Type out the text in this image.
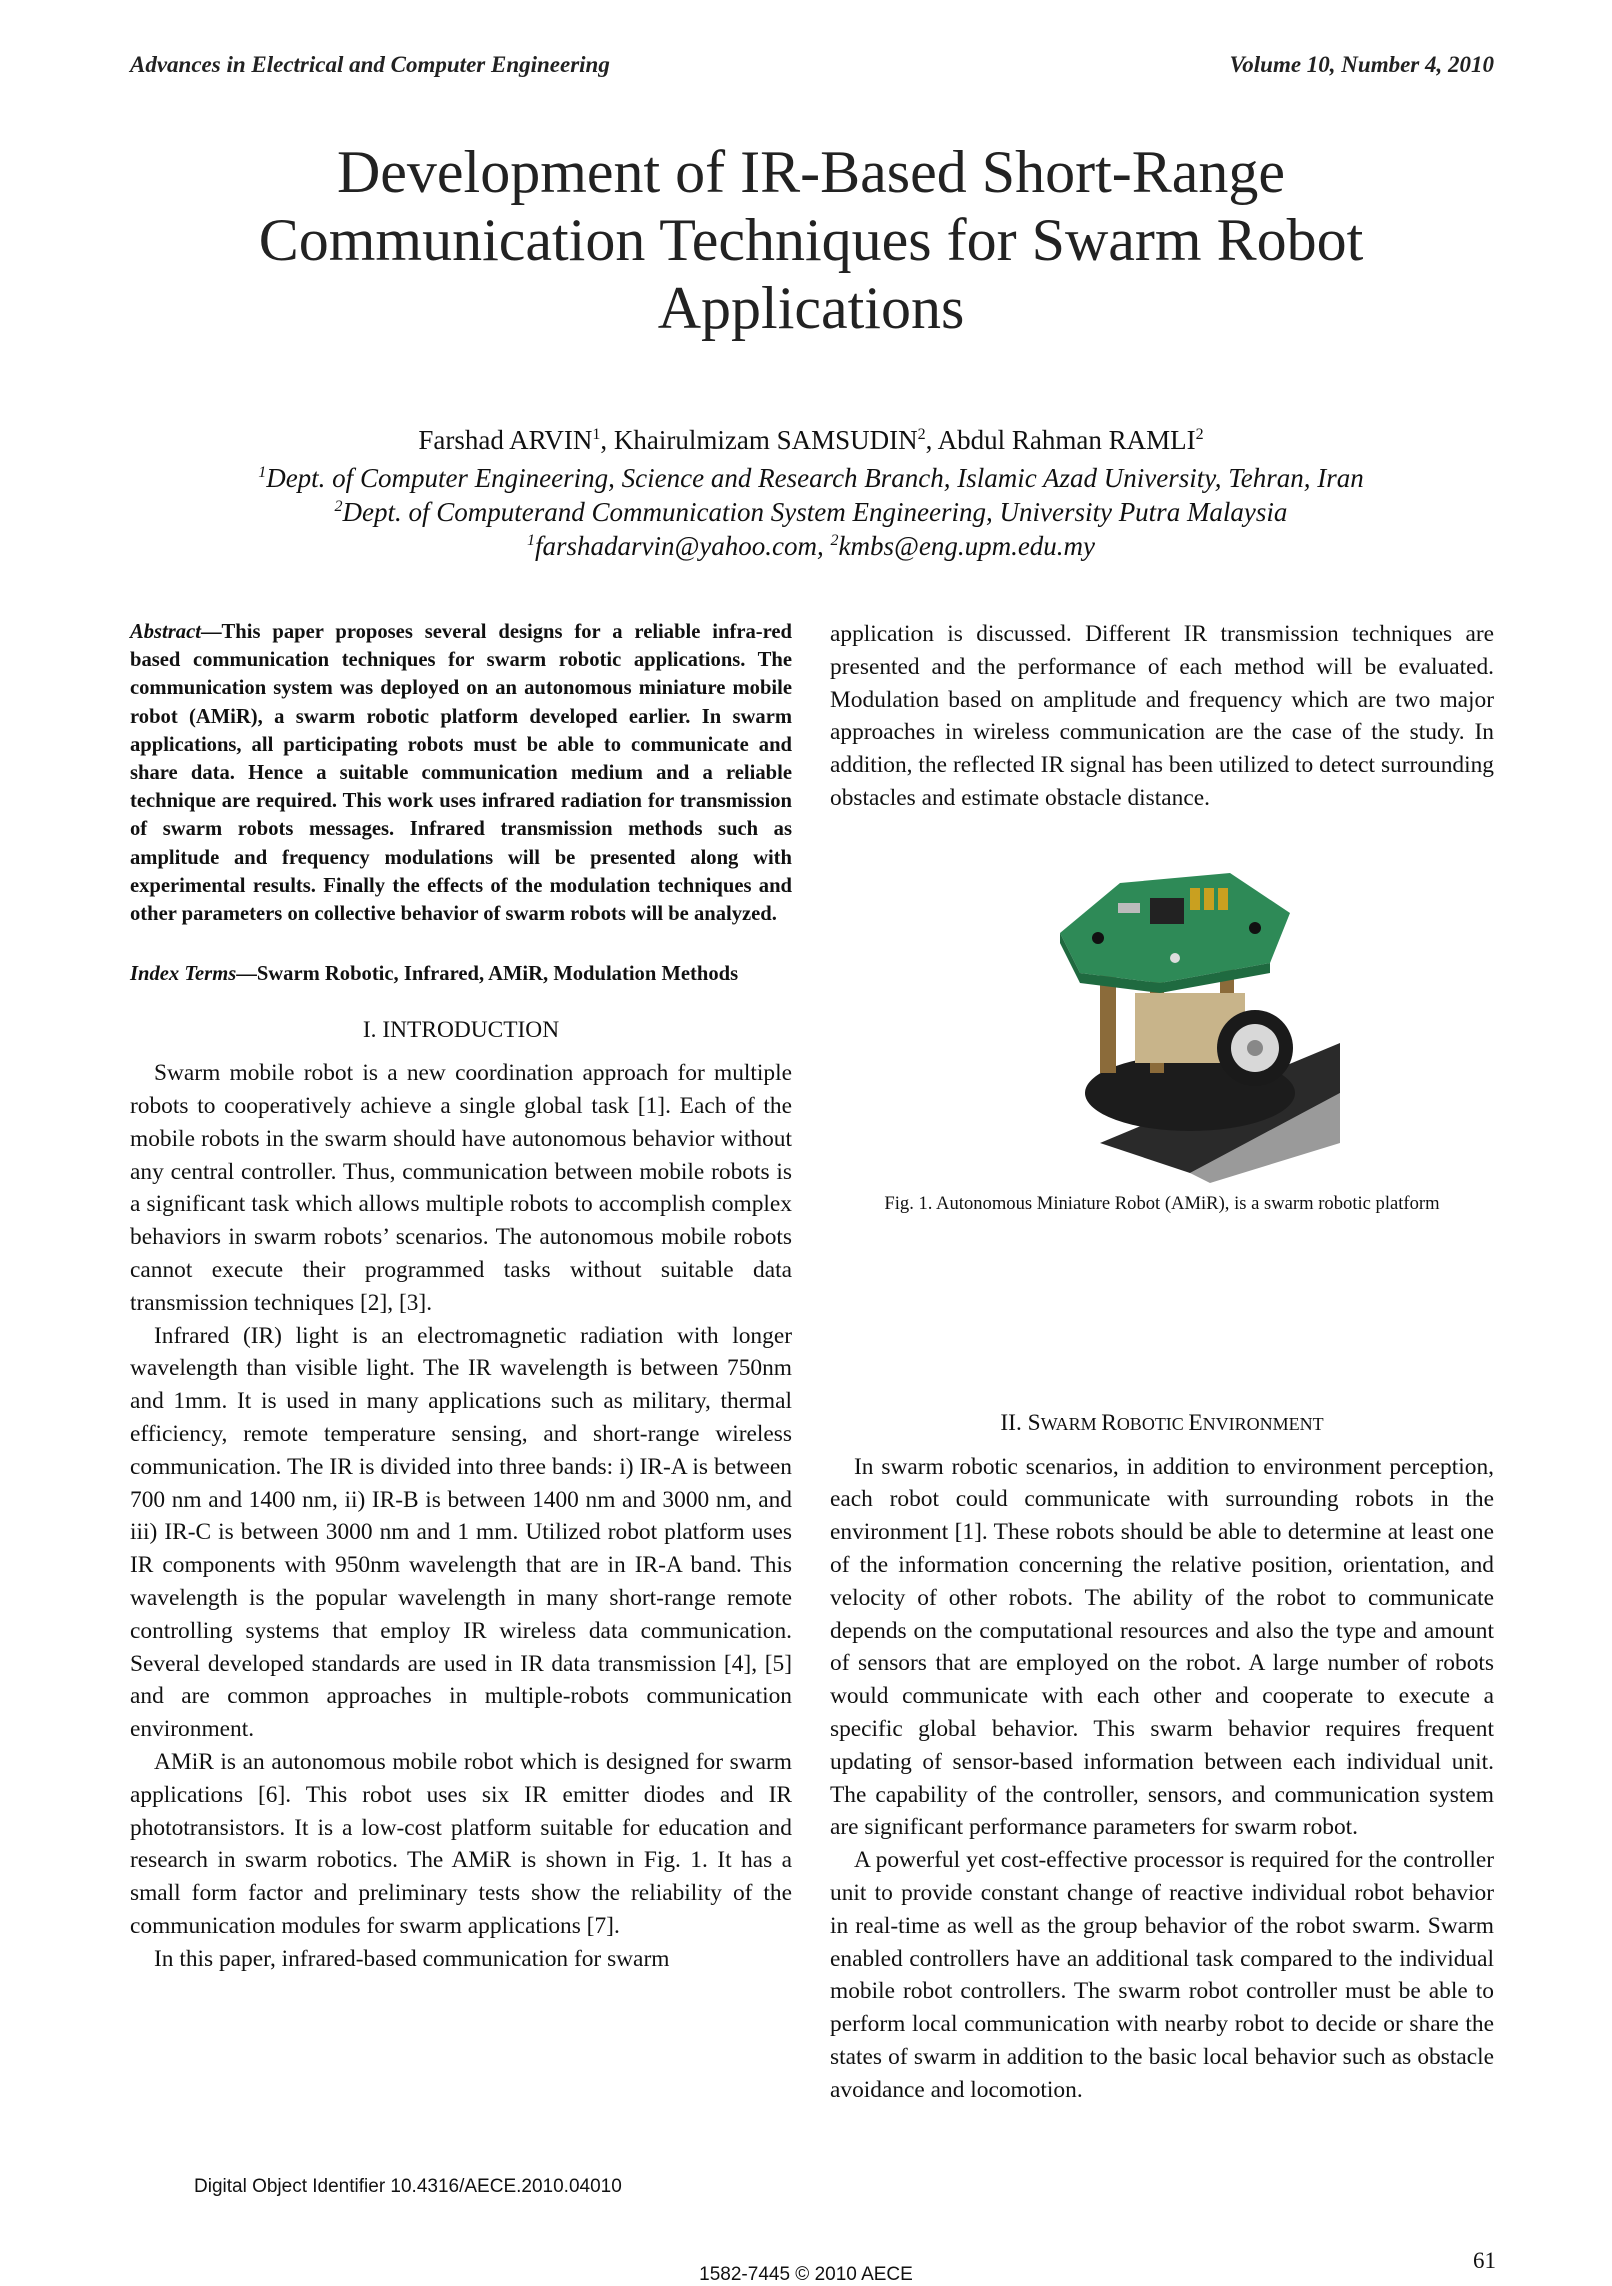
Advances in Electrical and Computer Engineering	Volume 10, Number 4, 2010
Development of IR-Based Short-Range
Communication Techniques for Swarm Robot
Applications
Farshad ARVIN$^1$, Khairulmizam SAMSUDIN$^2$, Abdul Rahman RAMLI$^2$
$^1$Dept. of Computer Engineering, Science and Research Branch, Islamic Azad University, Tehran, Iran
$^2$Dept. of Computerand Communication System Engineering, University Putra Malaysia
$^1$farshadarvin@yahoo.com, $^2$kmbs@eng.upm.edu.my
Abstract—This paper proposes several designs for a reliable infra-red based communication techniques for swarm robotic applications. The communication system was deployed on an autonomous miniature mobile robot (AMiR), a swarm robotic platform developed earlier. In swarm applications, all participating robots must be able to communicate and share data. Hence a suitable communication medium and a reliable technique are required. This work uses infrared radiation for transmission of swarm robots messages. Infrared transmission methods such as amplitude and frequency modulations will be presented along with experimental results. Finally the effects of the modulation techniques and other parameters on collective behavior of swarm robots will be analyzed.
Index Terms—Swarm Robotic, Infrared, AMiR, Modulation Methods
I. INTRODUCTION

Swarm mobile robot is a new coordination approach for multiple robots to cooperatively achieve a single global task [1]. Each of the mobile robots in the swarm should have autonomous behavior without any central controller. Thus, communication between mobile robots is a significant task which allows multiple robots to accomplish complex behaviors in swarm robots’ scenarios. The autonomous mobile robots cannot execute their programmed tasks without suitable data transmission techniques [2], [3].

Infrared (IR) light is an electromagnetic radiation with longer wavelength than visible light. The IR wavelength is between 750nm and 1mm. It is used in many applications such as military, thermal efficiency, remote temperature sensing, and short-range wireless communication. The IR is divided into three bands: i) IR-A is between 700 nm and 1400 nm, ii) IR-B is between 1400 nm and 3000 nm, and iii) IR-C is between 3000 nm and 1 mm. Utilized robot platform uses IR components with 950nm wavelength that are in IR-A band. This wavelength is the popular wavelength in many short-range remote controlling systems that employ IR wireless data communication. Several developed standards are used in IR data transmission [4], [5] and are common approaches in multiple-robots communication environment.

AMiR is an autonomous mobile robot which is designed for swarm applications [6]. This robot uses six IR emitter diodes and IR phototransistors. It is a low-cost platform suitable for education and research in swarm robotics. The AMiR is shown in Fig. 1. It has a small form factor and preliminary tests show the reliability of the communication modules for swarm applications [7].

In this paper, infrared-based communication for swarm

application is discussed. Different IR transmission techniques are presented and the performance of each method will be evaluated. Modulation based on amplitude and frequency which are two major approaches in wireless communication are the case of the study. In addition, the reflected IR signal has been utilized to detect surrounding obstacles and estimate obstacle distance.

Fig. 1. Autonomous Miniature Robot (AMiR), is a swarm robotic platform
II. SWARM ROBOTIC ENVIRONMENT

In swarm robotic scenarios, in addition to environment perception, each robot could communicate with surrounding robots in the environment [1]. These robots should be able to determine at least one of the information concerning the relative position, orientation, and velocity of other robots. The ability of the robot to communicate depends on the computational resources and also the type and amount of sensors that are employed on the robot. A large number of robots would communicate with each other and cooperate to execute a specific global behavior. This swarm behavior requires frequent updating of sensor-based information between each individual unit. The capability of the controller, sensors, and communication system are significant performance parameters for swarm robot.

A powerful yet cost-effective processor is required for the controller unit to provide constant change of reactive individual robot behavior in real-time as well as the group behavior of the robot swarm. Swarm enabled controllers have an additional task compared to the individual mobile robot controllers. The swarm robot controller must be able to perform local communication with nearby robot to decide or share the states of swarm in addition to the basic local behavior such as obstacle avoidance and locomotion.

Digital Object Identifier 10.4316/AECE.2010.04010
61
1582-7445 © 2010 AECE
